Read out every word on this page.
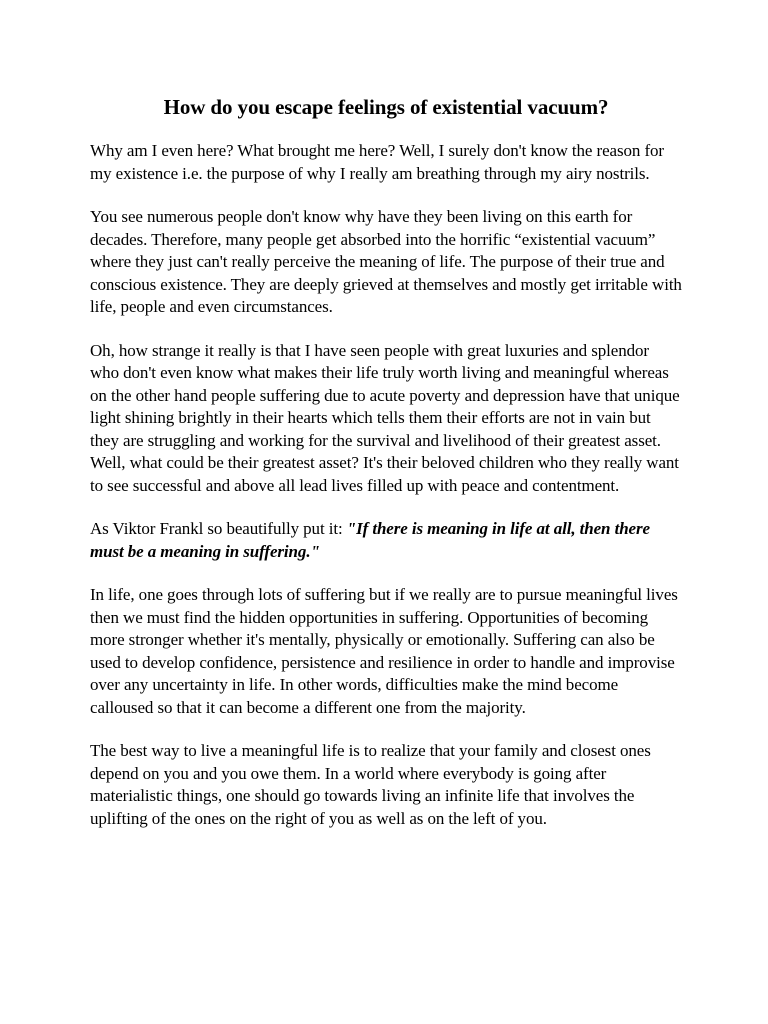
How do you escape feelings of existential vacuum?

Why am I even here? What brought me here? Well, I surely don't know the reason for my existence i.e. the purpose of why I really am breathing through my airy nostrils.

You see numerous people don't know why have they been living on this earth for decades. Therefore, many people get absorbed into the horrific “existential vacuum” where they just can't really perceive the meaning of life. The purpose of their true and conscious existence. They are deeply grieved at themselves and mostly get irritable with life, people and even circumstances.

Oh, how strange it really is that I have seen people with great luxuries and splendor who don't even know what makes their life truly worth living and meaningful whereas on the other hand people suffering due to acute poverty and depression have that unique light shining brightly in their hearts which tells them their efforts are not in vain but they are struggling and working for the survival and livelihood of their greatest asset. Well, what could be their greatest asset? It's their beloved children who they really want to see successful and above all lead lives filled up with peace and contentment.

As Viktor Frankl so beautifully put it: "If there is meaning in life at all, then there must be a meaning in suffering."

In life, one goes through lots of suffering but if we really are to pursue meaningful lives then we must find the hidden opportunities in suffering. Opportunities of becoming more stronger whether it's mentally, physically or emotionally. Suffering can also be used to develop confidence, persistence and resilience in order to handle and improvise over any uncertainty in life. In other words, difficulties make the mind become calloused so that it can become a different one from the majority.

The best way to live a meaningful life is to realize that your family and closest ones depend on you and you owe them. In a world where everybody is going after materialistic things, one should go towards living an infinite life that involves the uplifting of the ones on the right of you as well as on the left of you.
